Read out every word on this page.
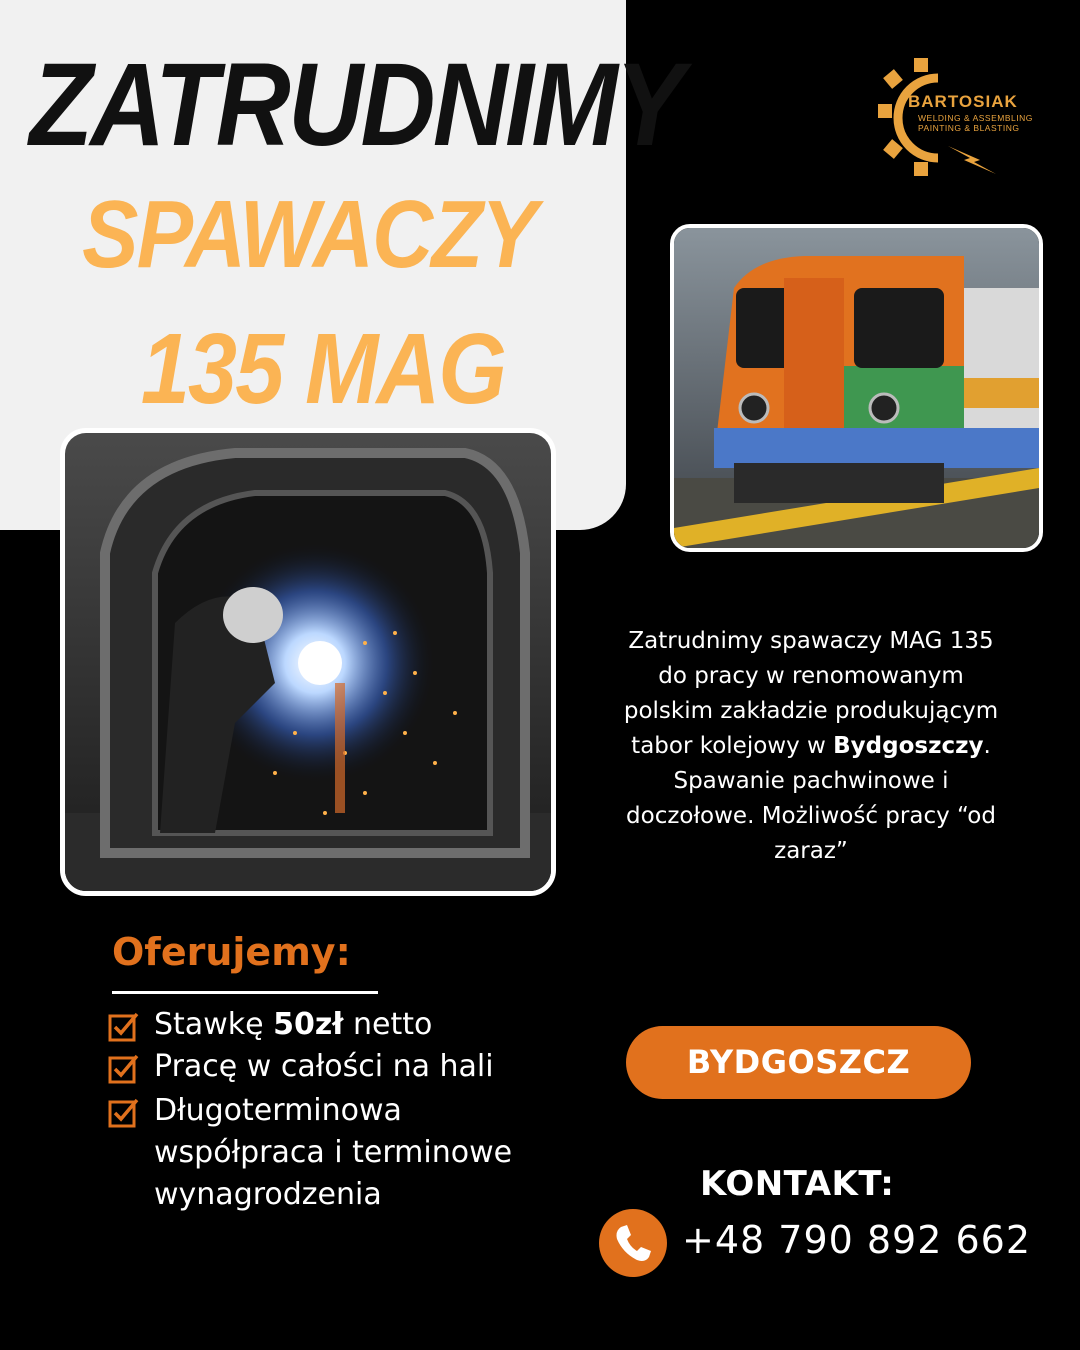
ZATRUDNIMY
SPAWACZY
135 MAG
BARTOSIAK
WELDING & ASSEMBLING
PAINTING & BLASTING
Zatrudnimy spawaczy MAG 135 do pracy w renomowanym polskim zakładzie produkującym tabor kolejowy w Bydgoszczy. Spawanie pachwinowe i doczołowe. Możliwość pracy “od zaraz”
Oferujemy:
Stawkę 50zł netto
Pracę w całości na hali
Długoterminowa współpraca i terminowe wynagrodzenia
BYDGOSZCZ
KONTAKT:
+48 790 892 662
